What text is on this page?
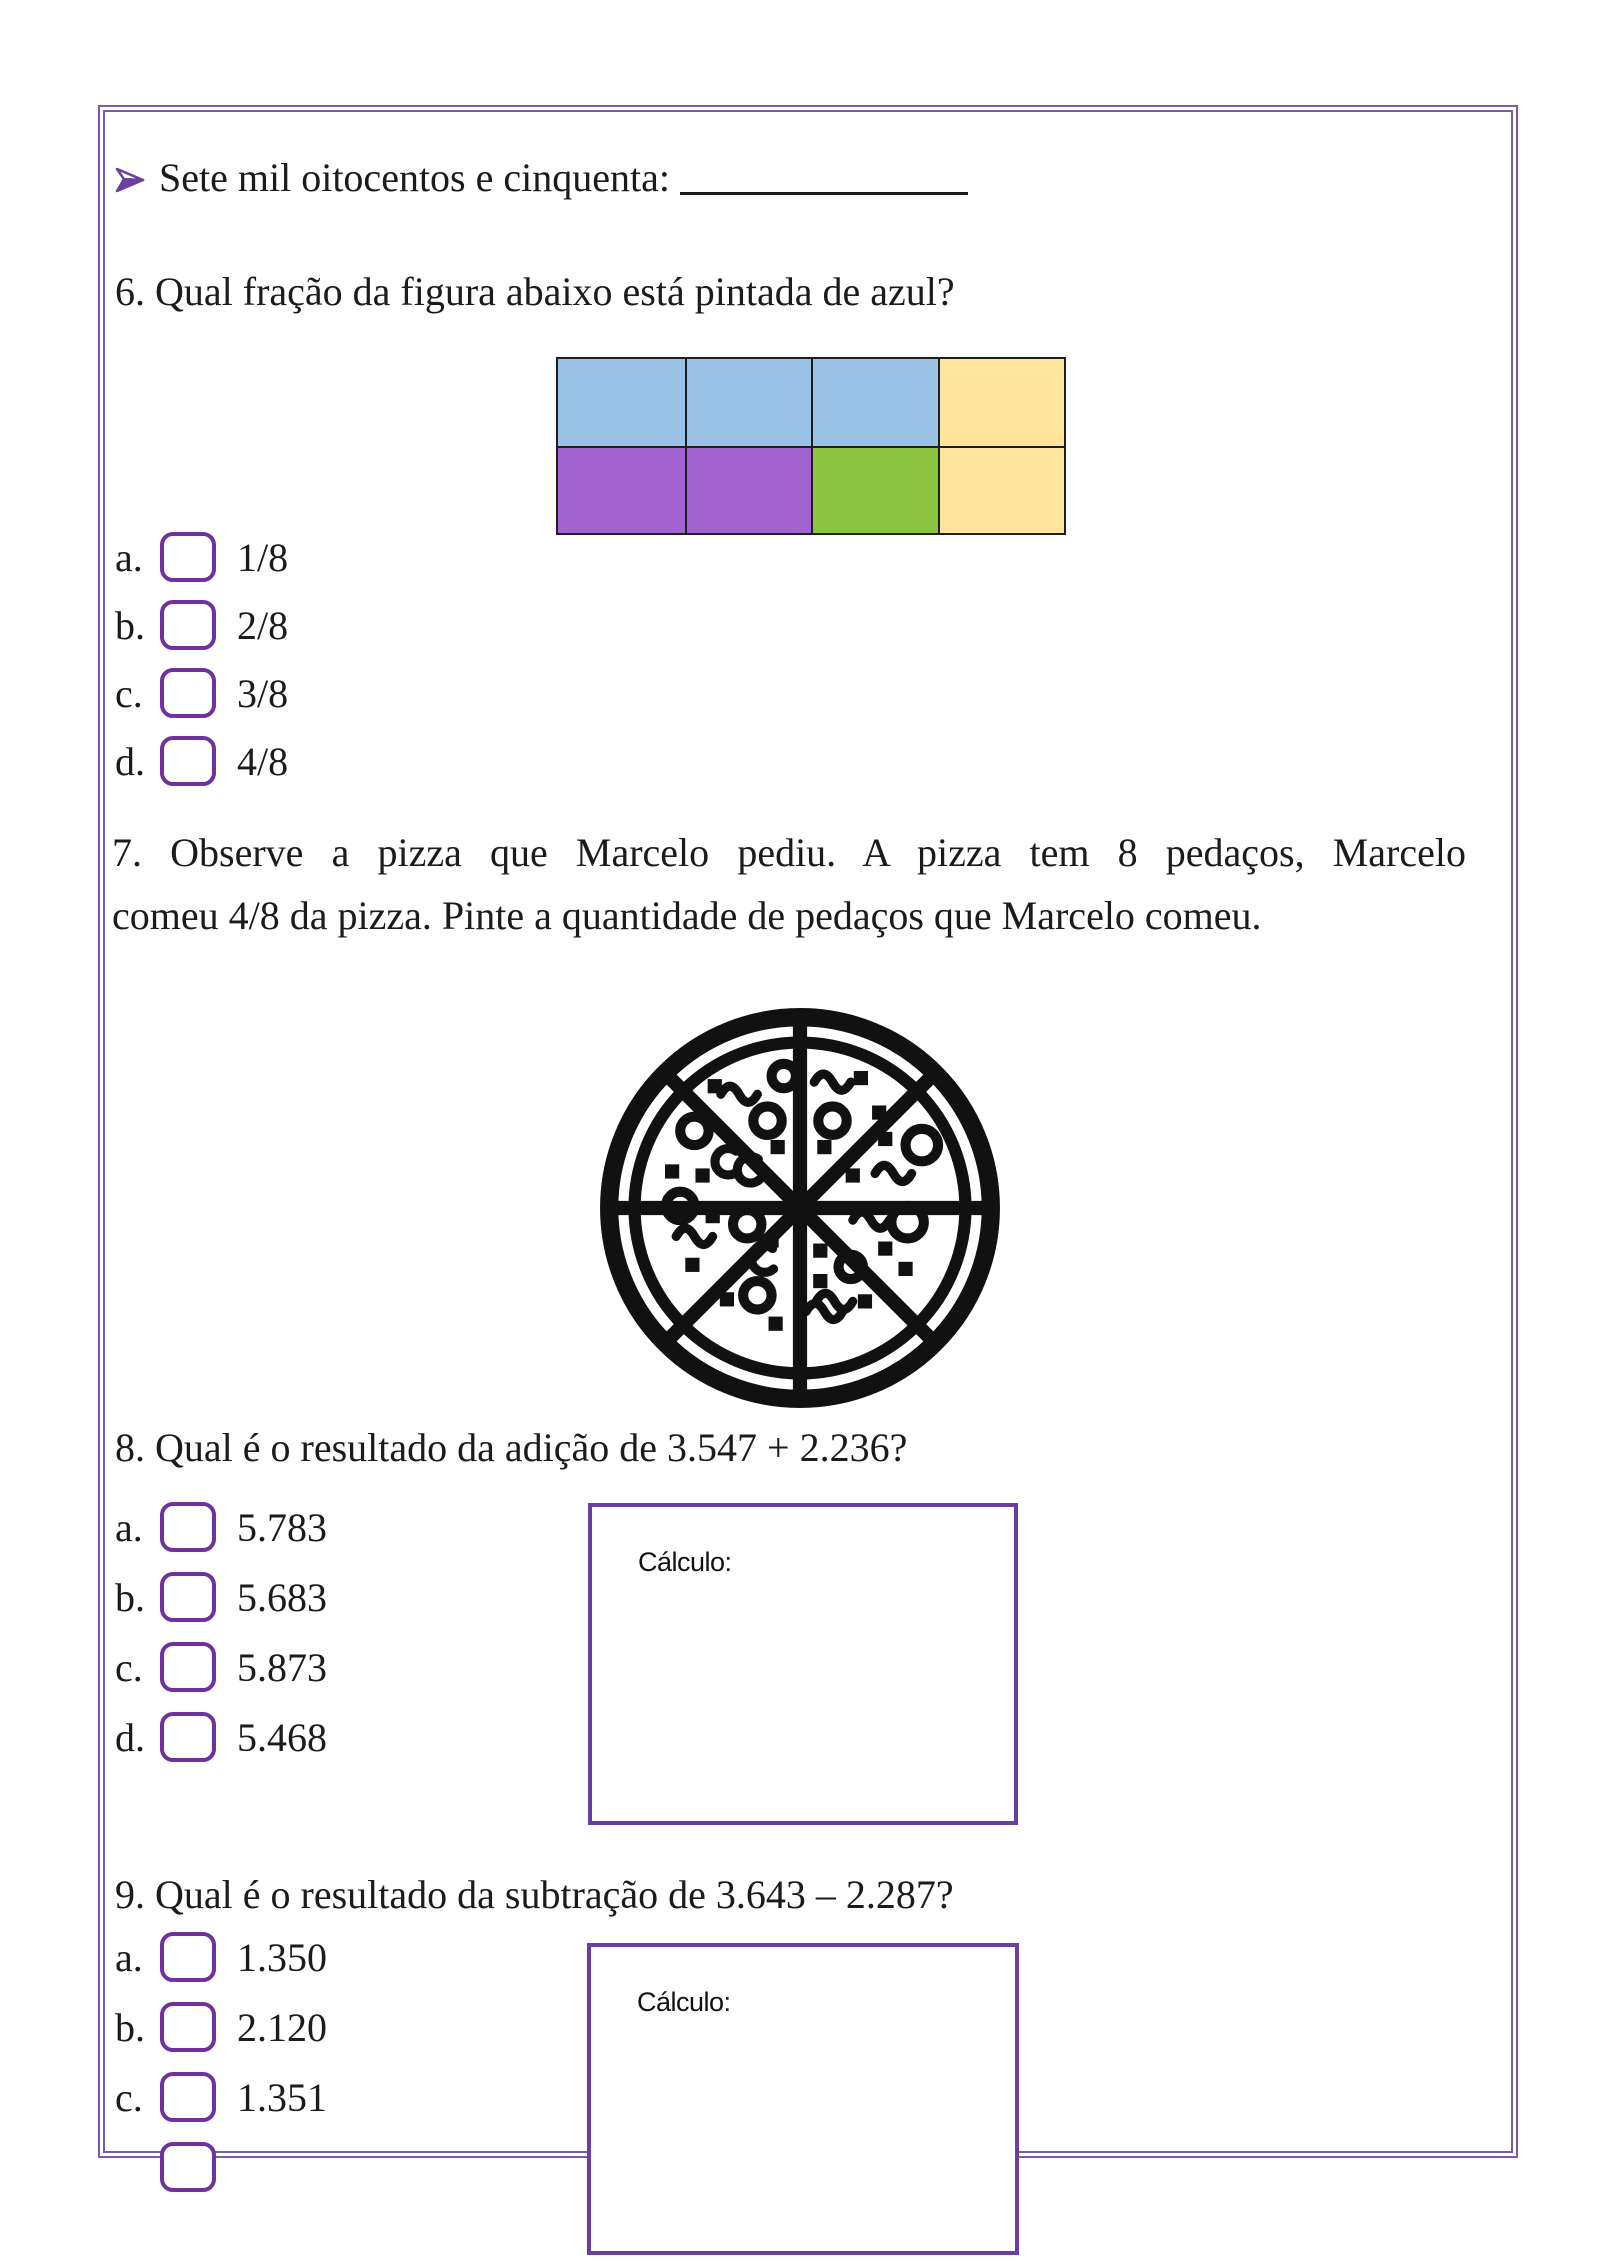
Sete mil oitocentos e cinquenta:
6. Qual fração da figura abaixo está pintada de azul?
a.	1/8
b.	2/8
c.	3/8
d.	4/8
7. Observe a pizza que Marcelo pediu. A pizza tem 8 pedaços, Marcelo
comeu 4/8 da pizza. Pinte a quantidade de pedaços que Marcelo comeu.
8. Qual é o resultado da adição de 3.547 + 2.236?
a.	5.783
b.	5.683
c.	5.873
d.	5.468
Cálculo:
9. Qual é o resultado da subtração de 3.643 – 2.287?
a.	1.350
b.	2.120
c.	1.351
Cálculo:
